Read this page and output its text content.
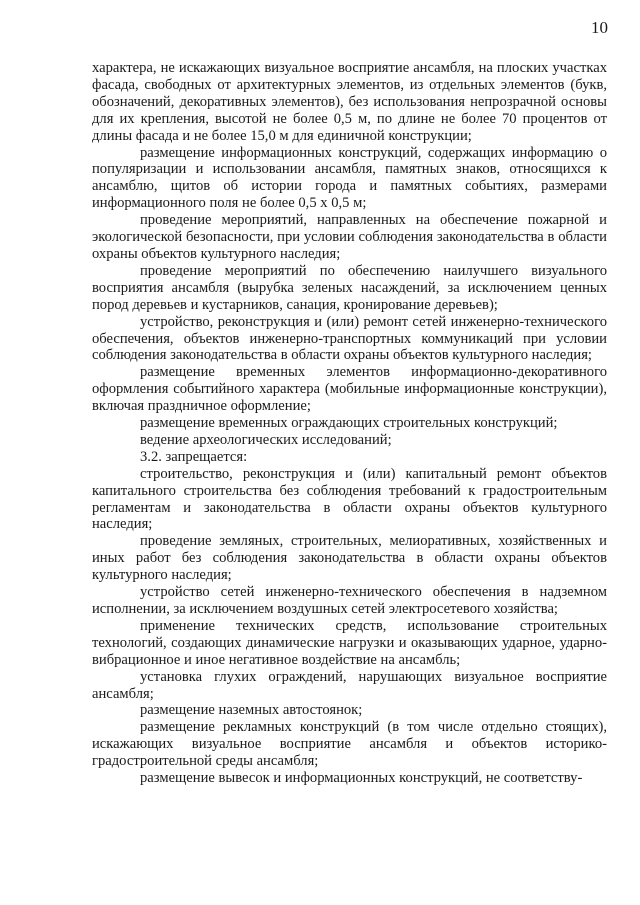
10

характера, не искажающих визуальное восприятие ансамбля, на плоских участках фасада, свободных от архитектурных элементов, из отдельных элементов (букв, обозначений, декоративных элементов), без использования непрозрачной основы для их крепления, высотой не более 0,5 м, по длине не более 70 процентов от длины фасада и не более 15,0 м для единичной конструкции;

размещение информационных конструкций, содержащих информацию о популяризации и использовании ансамбля, памятных знаков, относящихся к ансамблю, щитов об истории города и памятных событиях, размерами информационного поля не более 0,5 х 0,5 м;

проведение мероприятий, направленных на обеспечение пожарной и экологической безопасности, при условии соблюдения законодательства в области охраны объектов культурного наследия;

проведение мероприятий по обеспечению наилучшего визуального восприятия ансамбля (вырубка зеленых насаждений, за исключением ценных пород деревьев и кустарников, санация, кронирование деревьев);

устройство, реконструкция и (или) ремонт сетей инженерно-технического обеспечения, объектов инженерно-транспортных коммуникаций при условии соблюдения законодательства в области охраны объектов культурного наследия;

размещение временных элементов информационно-декоративного оформления событийного характера (мобильные информационные конструкции), включая праздничное оформление;

размещение временных ограждающих строительных конструкций;

ведение археологических исследований;

3.2. запрещается:

строительство, реконструкция и (или) капитальный ремонт объектов капитального строительства без соблюдения требований к градостроительным регламентам и законодательства в области охраны объектов культурного наследия;

проведение земляных, строительных, мелиоративных, хозяйственных и иных работ без соблюдения законодательства в области охраны объектов культурного наследия;

устройство сетей инженерно-технического обеспечения в надземном исполнении, за исключением воздушных сетей электросетевого хозяйства;

применение технических средств, использование строительных технологий, создающих динамические нагрузки и оказывающих ударное, ударно-вибрационное и иное негативное воздействие на ансамбль;

установка глухих ограждений, нарушающих визуальное восприятие ансамбля;

размещение наземных автостоянок;

размещение рекламных конструкций (в том числе отдельно стоящих), искажающих визуальное восприятие ансамбля и объектов историко-градостроительной среды ансамбля;

размещение вывесок и информационных конструкций, не соответству-
